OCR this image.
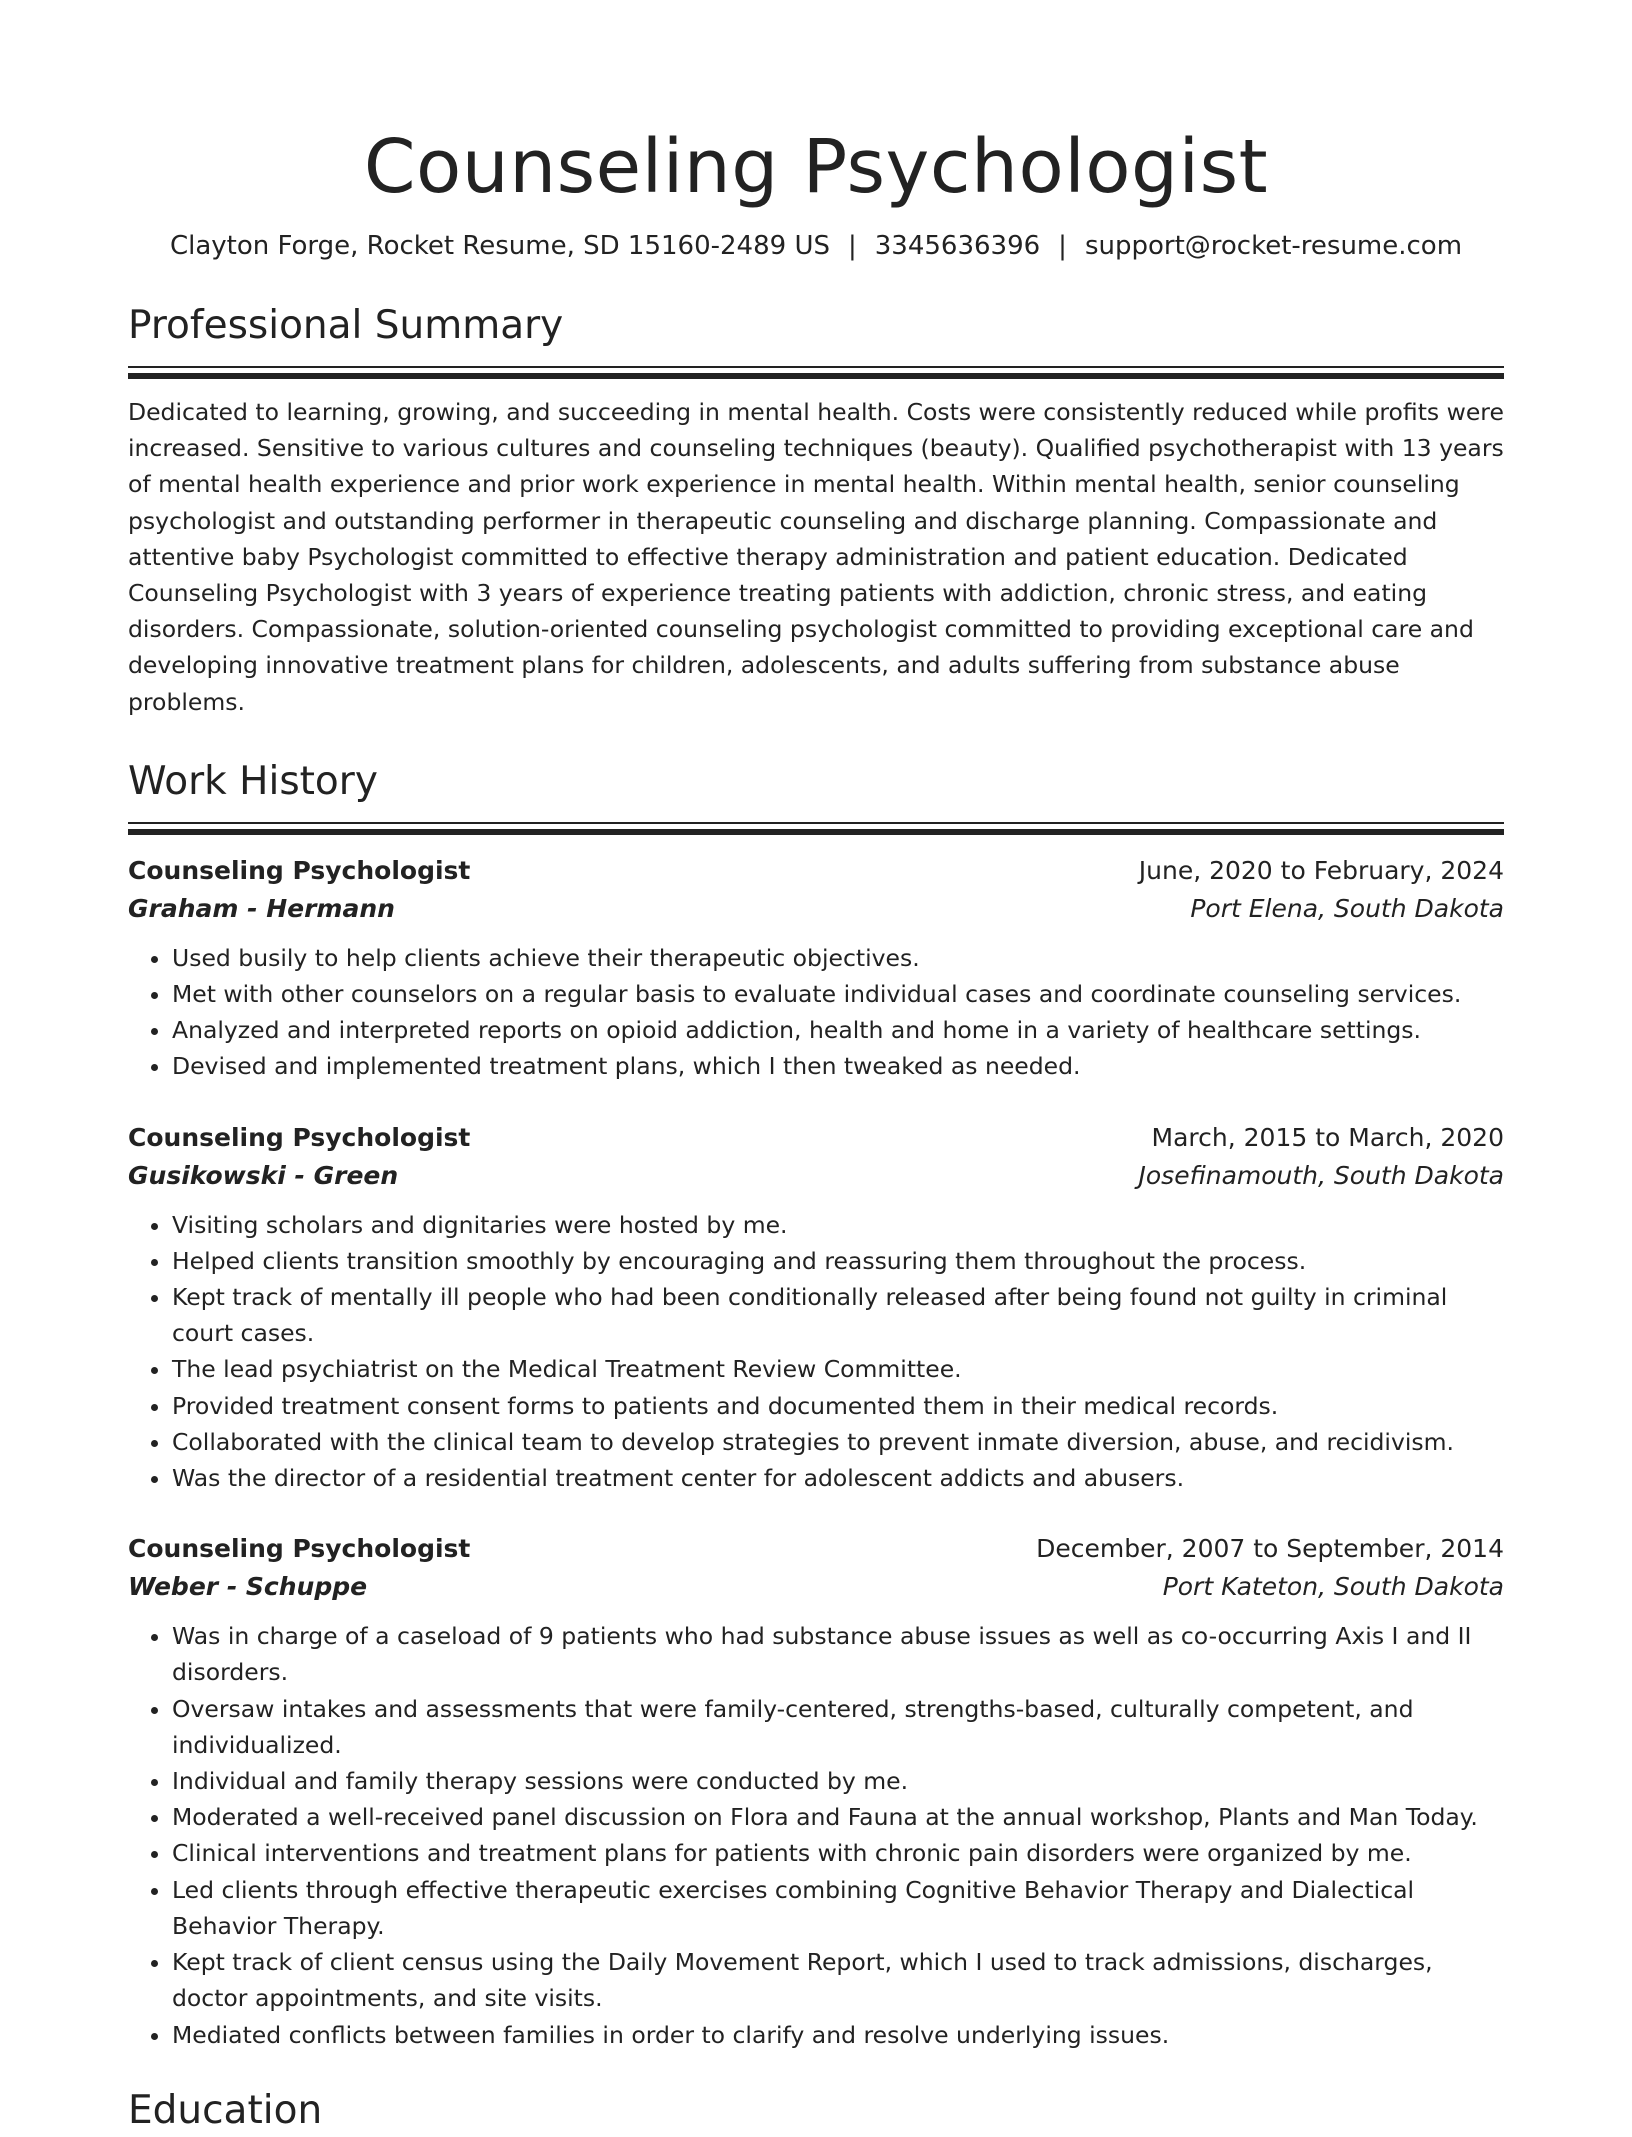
Counseling Psychologist
Clayton Forge, Rocket Resume, SD 15160-2489 US | 3345636396 | support@rocket-resume.com
Professional Summary
Dedicated to learning, growing, and succeeding in mental health. Costs were consistently reduced while profits were increased. Sensitive to various cultures and counseling techniques (beauty). Qualified psychotherapist with 13 years of mental health experience and prior work experience in mental health. Within mental health, senior counseling psychologist and outstanding performer in therapeutic counseling and discharge planning. Compassionate and attentive baby Psychologist committed to effective therapy administration and patient education. Dedicated Counseling Psychologist with 3 years of experience treating patients with addiction, chronic stress, and eating disorders. Compassionate, solution-oriented counseling psychologist committed to providing exceptional care and developing innovative treatment plans for children, adolescents, and adults suffering from substance abuse problems.
Work History
Counseling Psychologist	June, 2020 to February, 2024
Graham - Hermann	Port Elena, South Dakota
• Used busily to help clients achieve their therapeutic objectives.
• Met with other counselors on a regular basis to evaluate individual cases and coordinate counseling services.
• Analyzed and interpreted reports on opioid addiction, health and home in a variety of healthcare settings.
• Devised and implemented treatment plans, which I then tweaked as needed.
Counseling Psychologist	March, 2015 to March, 2020
Gusikowski - Green	Josefinamouth, South Dakota
• Visiting scholars and dignitaries were hosted by me.
• Helped clients transition smoothly by encouraging and reassuring them throughout the process.
• Kept track of mentally ill people who had been conditionally released after being found not guilty in criminal court cases.
• The lead psychiatrist on the Medical Treatment Review Committee.
• Provided treatment consent forms to patients and documented them in their medical records.
• Collaborated with the clinical team to develop strategies to prevent inmate diversion, abuse, and recidivism.
• Was the director of a residential treatment center for adolescent addicts and abusers.
Counseling Psychologist	December, 2007 to September, 2014
Weber - Schuppe	Port Kateton, South Dakota
• Was in charge of a caseload of 9 patients who had substance abuse issues as well as co-occurring Axis I and II disorders.
• Oversaw intakes and assessments that were family-centered, strengths-based, culturally competent, and individualized.
• Individual and family therapy sessions were conducted by me.
• Moderated a well-received panel discussion on Flora and Fauna at the annual workshop, Plants and Man Today.
• Clinical interventions and treatment plans for patients with chronic pain disorders were organized by me.
• Led clients through effective therapeutic exercises combining Cognitive Behavior Therapy and Dialectical Behavior Therapy.
• Kept track of client census using the Daily Movement Report, which I used to track admissions, discharges, doctor appointments, and site visits.
• Mediated conflicts between families in order to clarify and resolve underlying issues.
Education
